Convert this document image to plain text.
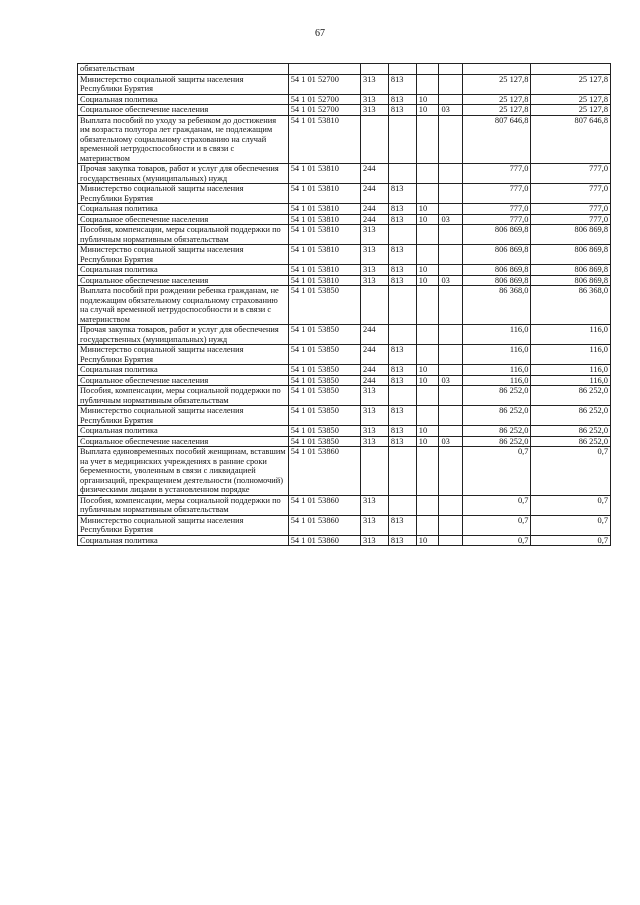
67
обязательствам							
Министерство социальной защиты населения Республики Бурятия	54 1 01 52700	313	813			25 127,8	25 127,8
Социальная политика	54 1 01 52700	313	813	10		25 127,8	25 127,8
Социальное обеспечение населения	54 1 01 52700	313	813	10	03	25 127,8	25 127,8
Выплата пособий по уходу за ребенком до достижения им возраста полутора лет гражданам, не подлежащим обязательному социальному страхованию на случай временной нетрудоспособности и в связи с материнством	54 1 01 53810					807 646,8	807 646,8
Прочая закупка товаров, работ и услуг для обеспечения государственных (муниципальных) нужд	54 1 01 53810	244				777,0	777,0
Министерство социальной защиты населения Республики Бурятия	54 1 01 53810	244	813			777,0	777,0
Социальная политика	54 1 01 53810	244	813	10		777,0	777,0
Социальное обеспечение населения	54 1 01 53810	244	813	10	03	777,0	777,0
Пособия, компенсации, меры социальной поддержки по публичным нормативным обязательствам	54 1 01 53810	313				806 869,8	806 869,8
Министерство социальной защиты населения Республики Бурятия	54 1 01 53810	313	813			806 869,8	806 869,8
Социальная политика	54 1 01 53810	313	813	10		806 869,8	806 869,8
Социальное обеспечение населения	54 1 01 53810	313	813	10	03	806 869,8	806 869,8
Выплата пособий при рождении ребенка гражданам, не подлежащим обязательному социальному страхованию на случай временной нетрудоспособности и в связи с материнством	54 1 01 53850					86 368,0	86 368,0
Прочая закупка товаров, работ и услуг для обеспечения государственных (муниципальных) нужд	54 1 01 53850	244				116,0	116,0
Министерство социальной защиты населения Республики Бурятия	54 1 01 53850	244	813			116,0	116,0
Социальная политика	54 1 01 53850	244	813	10		116,0	116,0
Социальное обеспечение населения	54 1 01 53850	244	813	10	03	116,0	116,0
Пособия, компенсации, меры социальной поддержки по публичным нормативным обязательствам	54 1 01 53850	313				86 252,0	86 252,0
Министерство социальной защиты населения Республики Бурятия	54 1 01 53850	313	813			86 252,0	86 252,0
Социальная политика	54 1 01 53850	313	813	10		86 252,0	86 252,0
Социальное обеспечение населения	54 1 01 53850	313	813	10	03	86 252,0	86 252,0
Выплата единовременных пособий женщинам, вставшим на учет в медицинских учреждениях в ранние сроки беременности, уволенным в связи с ликвидацией организаций, прекращением деятельности (полномочий) физическими лицами в установленном порядке	54 1 01 53860					0,7	0,7
Пособия, компенсации, меры социальной поддержки по публичным нормативным обязательствам	54 1 01 53860	313				0,7	0,7
Министерство социальной защиты населения Республики Бурятия	54 1 01 53860	313	813			0,7	0,7
Социальная политика	54 1 01 53860	313	813	10		0,7	0,7
